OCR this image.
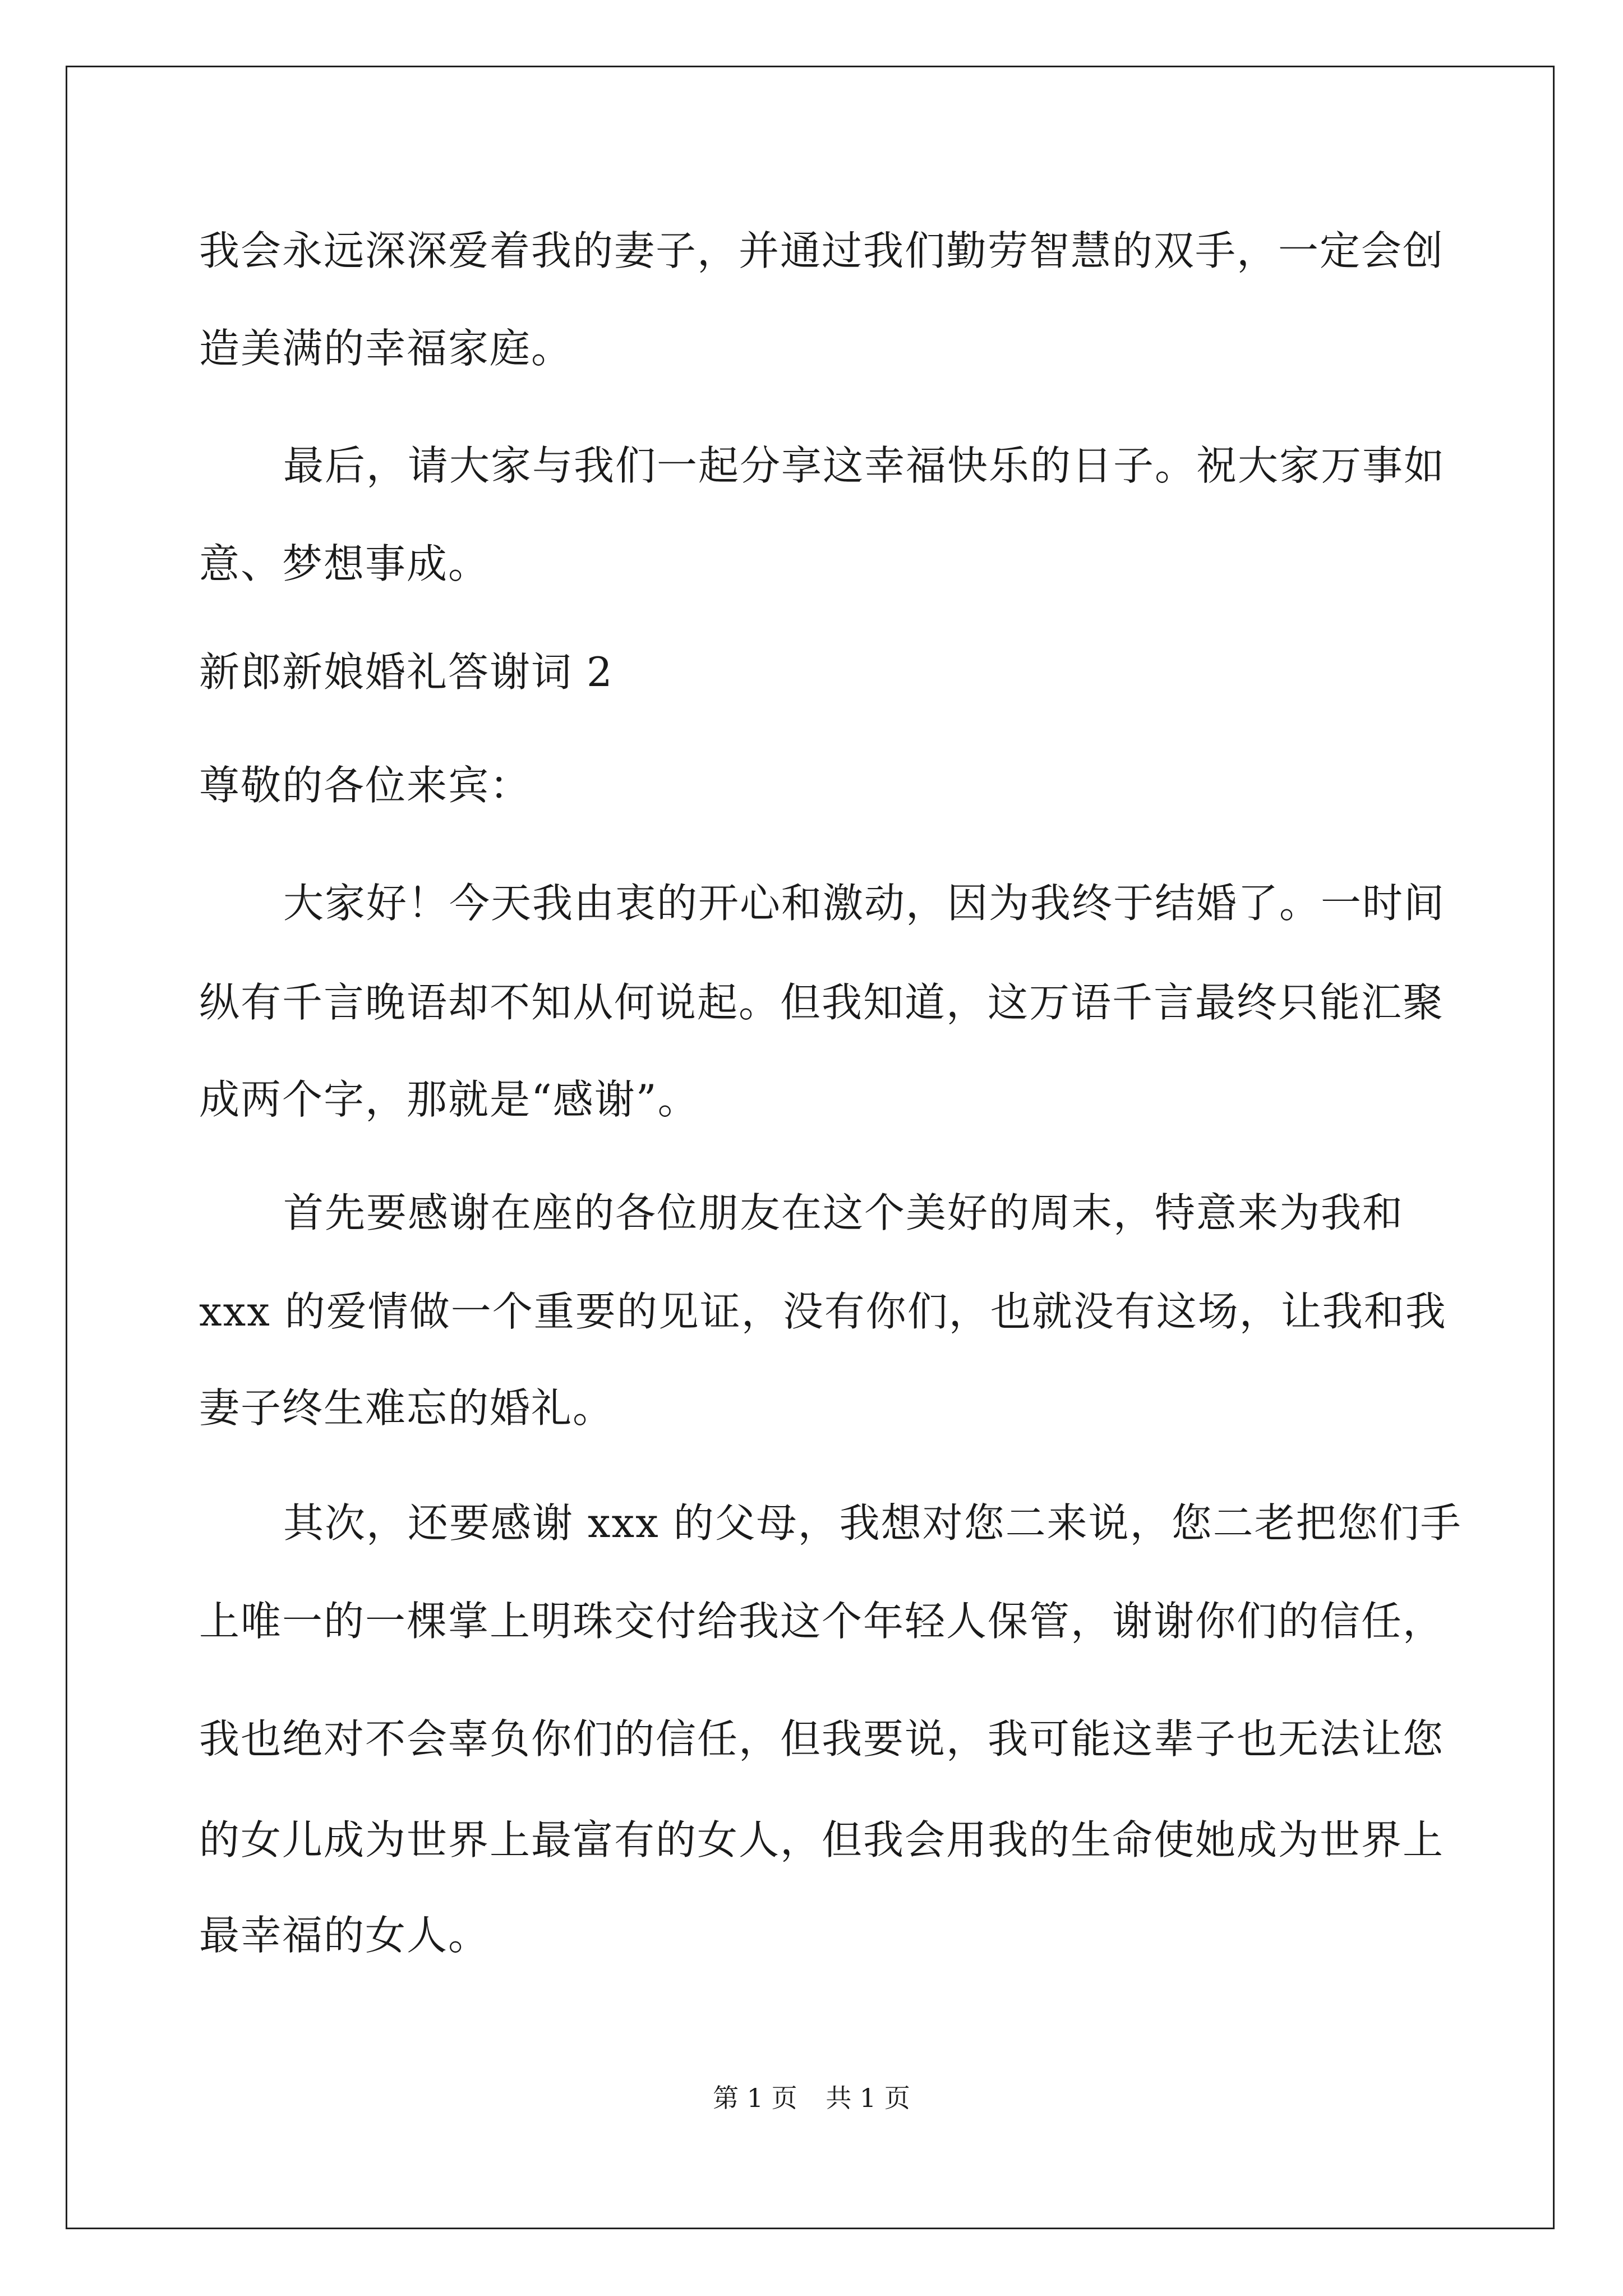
我会永远深深爱着我的妻子，并通过我们勤劳智慧的双手，一定会创
造美满的幸福家庭。
最后，请大家与我们一起分享这幸福快乐的日子。祝大家万事如
意、梦想事成。
新郎新娘婚礼答谢词 2
尊敬的各位来宾：
大家好！今天我由衷的开心和激动，因为我终于结婚了。一时间
纵有千言晚语却不知从何说起。但我知道，这万语千言最终只能汇聚
成两个字，那就是“感谢”。
首先要感谢在座的各位朋友在这个美好的周末，特意来为我和
xxx 的爱情做一个重要的见证，没有你们，也就没有这场，让我和我
妻子终生难忘的婚礼。
其次，还要感谢 xxx 的父母，我想对您二来说，您二老把您们手
上唯一的一棵掌上明珠交付给我这个年轻人保管，谢谢你们的信任，
我也绝对不会辜负你们的信任，但我要说，我可能这辈子也无法让您
的女儿成为世界上最富有的女人，但我会用我的生命使她成为世界上
最幸福的女人。
第 1 页 共 1 页
